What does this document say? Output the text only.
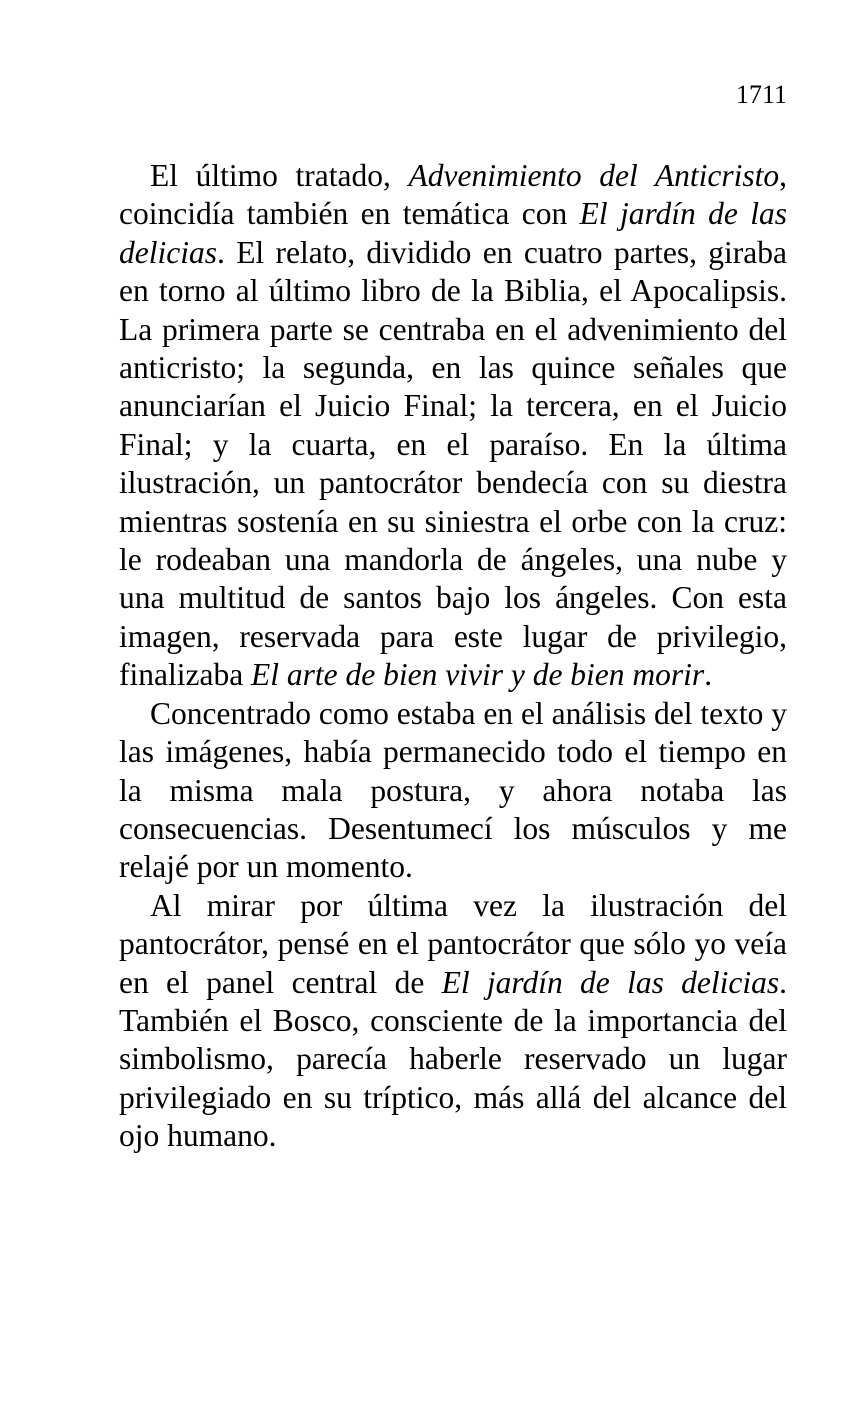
1711

El último tratado, Advenimiento del Anticristo, coincidía también en temática con El jardín de las delicias. El relato, dividido en cuatro partes, giraba en torno al último libro de la Biblia, el Apocalipsis. La primera parte se centraba en el advenimiento del anticristo; la segunda, en las quince señales que anunciarían el Juicio Final; la tercera, en el Juicio Final; y la cuarta, en el paraíso. En la última ilustración, un pantocrátor bendecía con su diestra mientras sostenía en su siniestra el orbe con la cruz: le rodeaban una mandorla de ángeles, una nube y una multitud de santos bajo los ángeles. Con esta imagen, reservada para este lugar de privilegio, finalizaba El arte de bien vivir y de bien morir.

Concentrado como estaba en el análisis del texto y las imágenes, había permanecido todo el tiempo en la misma mala postura, y ahora notaba las consecuencias. Desentumecí los músculos y me relajé por un momento.

Al mirar por última vez la ilustración del pantocrátor, pensé en el pantocrátor que sólo yo veía en el panel central de El jardín de las delicias. También el Bosco, consciente de la importancia del simbolismo, parecía haberle reservado un lugar privilegiado en su tríptico, más allá del alcance del ojo humano.
